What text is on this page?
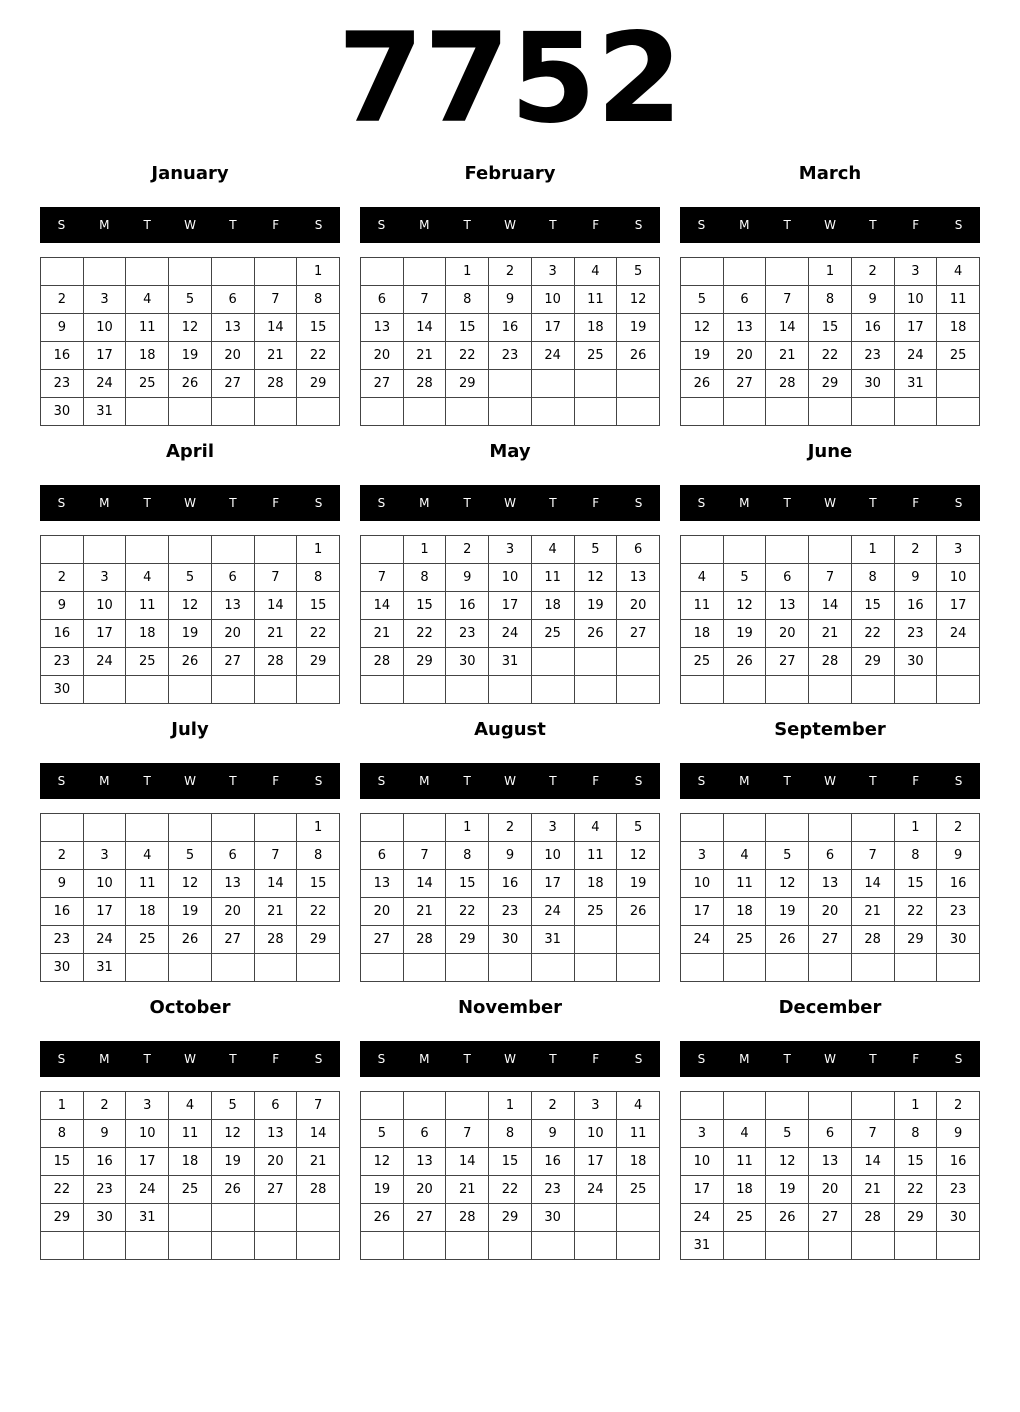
7752
January
S	M	T	W	T	F	S
						1
2	3	4	5	6	7	8
9	10	11	12	13	14	15
16	17	18	19	20	21	22
23	24	25	26	27	28	29
30	31					
February
S	M	T	W	T	F	S
		1	2	3	4	5
6	7	8	9	10	11	12
13	14	15	16	17	18	19
20	21	22	23	24	25	26
27	28	29				

March
S	M	T	W	T	F	S
			1	2	3	4
5	6	7	8	9	10	11
12	13	14	15	16	17	18
19	20	21	22	23	24	25
26	27	28	29	30	31	

April
S	M	T	W	T	F	S
						1
2	3	4	5	6	7	8
9	10	11	12	13	14	15
16	17	18	19	20	21	22
23	24	25	26	27	28	29
30						
May
S	M	T	W	T	F	S
	1	2	3	4	5	6
7	8	9	10	11	12	13
14	15	16	17	18	19	20
21	22	23	24	25	26	27
28	29	30	31			

June
S	M	T	W	T	F	S
				1	2	3
4	5	6	7	8	9	10
11	12	13	14	15	16	17
18	19	20	21	22	23	24
25	26	27	28	29	30	

July
S	M	T	W	T	F	S
						1
2	3	4	5	6	7	8
9	10	11	12	13	14	15
16	17	18	19	20	21	22
23	24	25	26	27	28	29
30	31					
August
S	M	T	W	T	F	S
		1	2	3	4	5
6	7	8	9	10	11	12
13	14	15	16	17	18	19
20	21	22	23	24	25	26
27	28	29	30	31		

September
S	M	T	W	T	F	S
					1	2
3	4	5	6	7	8	9
10	11	12	13	14	15	16
17	18	19	20	21	22	23
24	25	26	27	28	29	30

October
S	M	T	W	T	F	S
1	2	3	4	5	6	7
8	9	10	11	12	13	14
15	16	17	18	19	20	21
22	23	24	25	26	27	28
29	30	31				

November
S	M	T	W	T	F	S
			1	2	3	4
5	6	7	8	9	10	11
12	13	14	15	16	17	18
19	20	21	22	23	24	25
26	27	28	29	30		

December
S	M	T	W	T	F	S
					1	2
3	4	5	6	7	8	9
10	11	12	13	14	15	16
17	18	19	20	21	22	23
24	25	26	27	28	29	30
31						
